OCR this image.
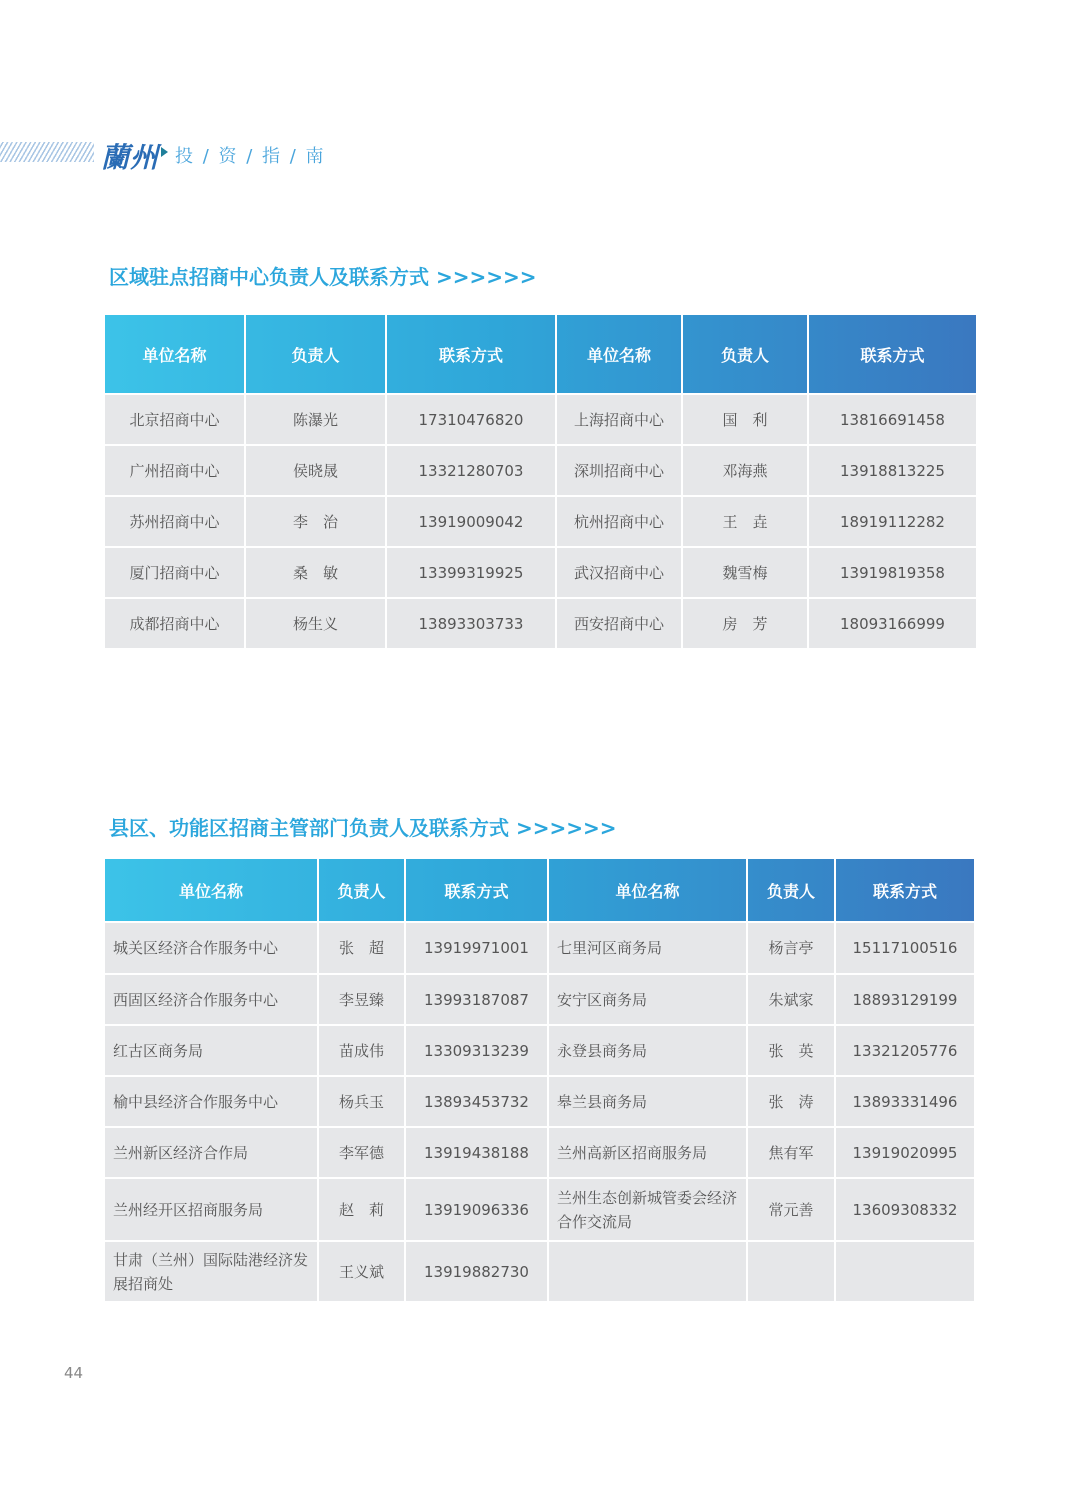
蘭州 投 / 资 / 指 / 南
区域驻点招商中心负责人及联系方式 >>>>>>
单位名称	负责人	联系方式	单位名称	负责人	联系方式
北京招商中心	陈瀑光	17310476820	上海招商中心	国　利	13816691458
广州招商中心	侯晓晟	13321280703	深圳招商中心	邓海燕	13918813225
苏州招商中心	李　治	13919009042	杭州招商中心	王　垚	18919112282
厦门招商中心	桑　敏	13399319925	武汉招商中心	魏雪梅	13919819358
成都招商中心	杨生义	13893303733	西安招商中心	房　芳	18093166999
县区、功能区招商主管部门负责人及联系方式 >>>>>>
单位名称	负责人	联系方式	单位名称	负责人	联系方式
城关区经济合作服务中心	张　超	13919971001	七里河区商务局	杨言亭	15117100516
西固区经济合作服务中心	李昱臻	13993187087	安宁区商务局	朱斌家	18893129199
红古区商务局	苗成伟	13309313239	永登县商务局	张　英	13321205776
榆中县经济合作服务中心	杨兵玉	13893453732	皋兰县商务局	张　涛	13893331496
兰州新区经济合作局	李军德	13919438188	兰州高新区招商服务局	焦有军	13919020995
兰州经开区招商服务局	赵　莉	13919096336	兰州生态创新城管委会经济合作交流局	常元善	13609308332
甘肃（兰州）国际陆港经济发展招商处	王义斌	13919882730			
44
